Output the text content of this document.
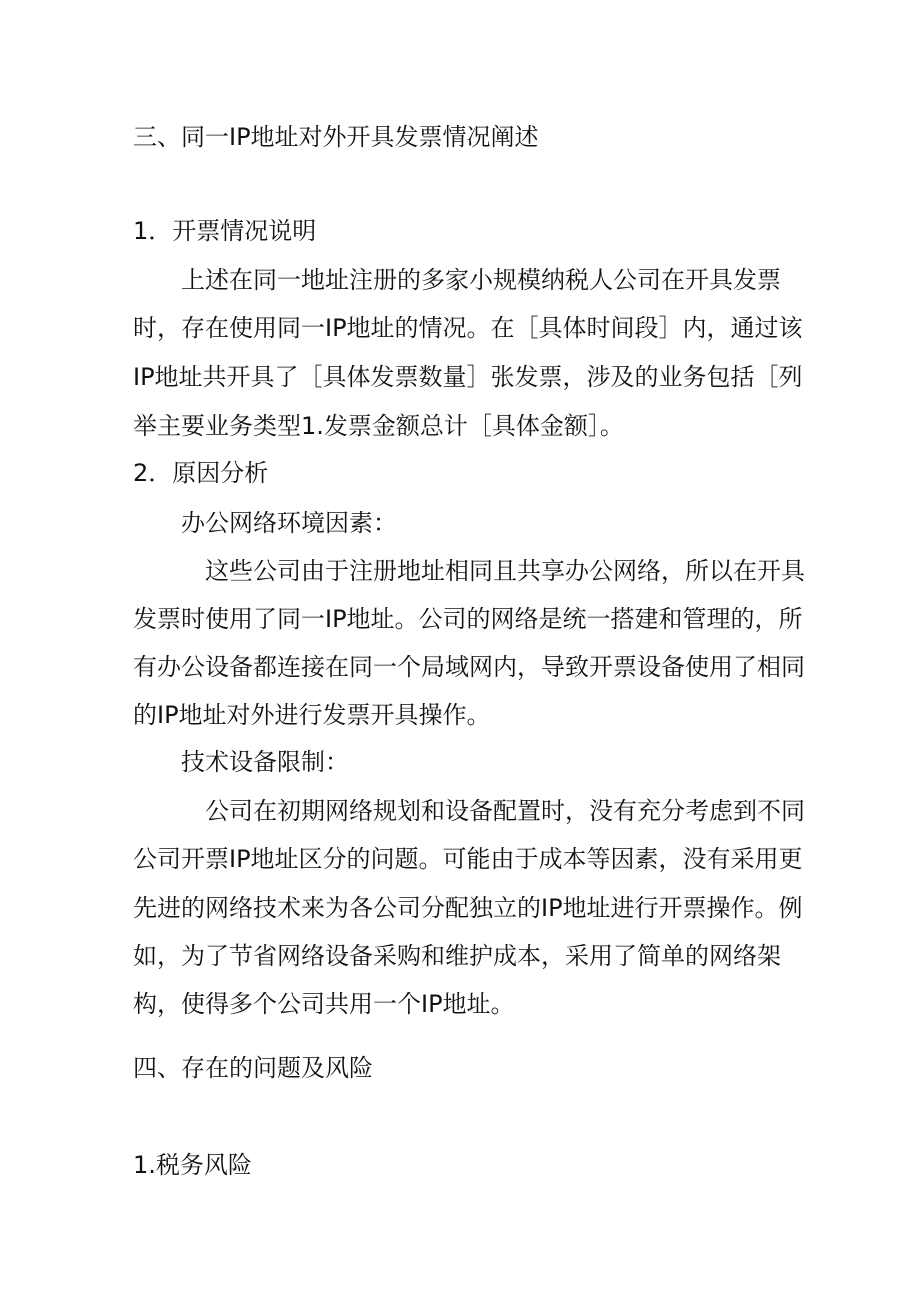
三、同一IP地址对外开具发票情况阐述
1．开票情况说明

上述在同一地址注册的多家小规模纳税人公司在开具发票

时，存在使用同一IP地址的情况。在［具体时间段］内，通过该

IP地址共开具了［具体发票数量］张发票，涉及的业务包括［列

举主要业务类型1.发票金额总计［具体金额］。

2．原因分析
办公网络环境因素：

这些公司由于注册地址相同且共享办公网络，所以在开具

发票时使用了同一IP地址。公司的网络是统一搭建和管理的，所

有办公设备都连接在同一个局域网内，导致开票设备使用了相同

的IP地址对外进行发票开具操作。

技术设备限制：

公司在初期网络规划和设备配置时，没有充分考虑到不同

公司开票IP地址区分的问题。可能由于成本等因素，没有采用更

先进的网络技术来为各公司分配独立的IP地址进行开票操作。例

如，为了节省网络设备采购和维护成本，采用了简单的网络架

构，使得多个公司共用一个IP地址。

四、存在的问题及风险
1.税务风险
